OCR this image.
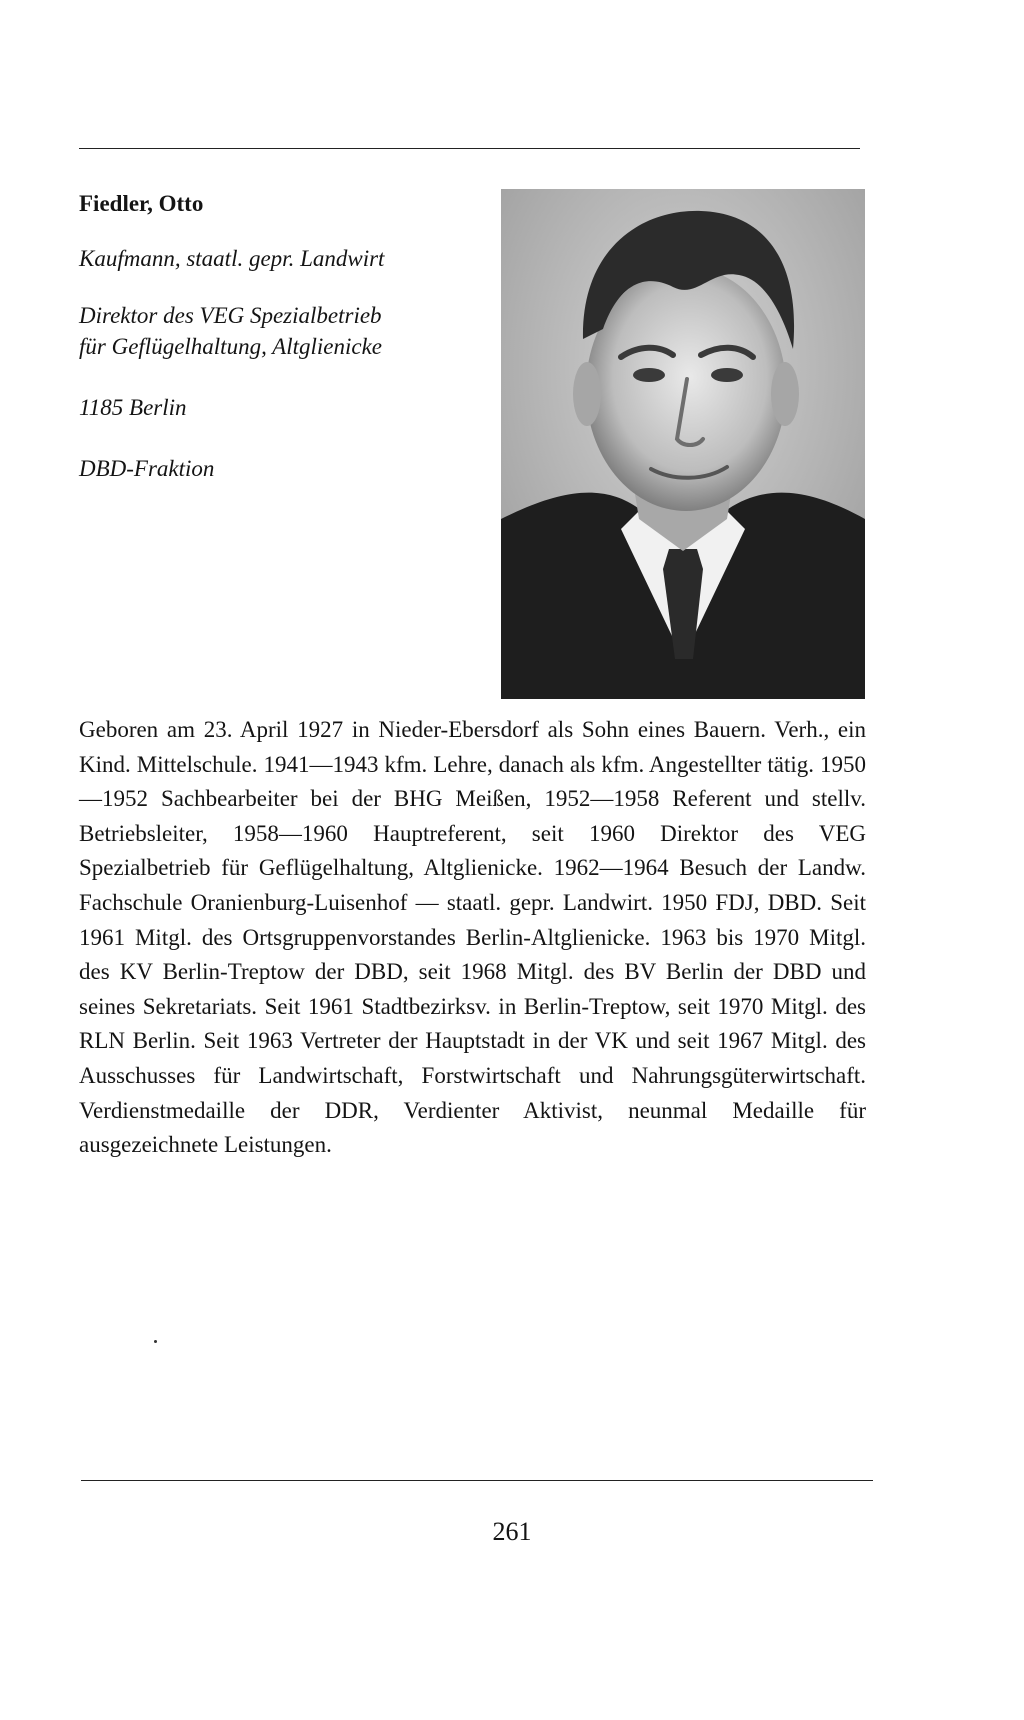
Fiedler, Otto

Kaufmann, staatl. gepr. Landwirt

Direktor des VEG Spezialbetrieb
für Geflügelhaltung, Altglienicke

1185 Berlin

DBD-Fraktion

Geboren am 23. April 1927 in Nieder-Ebersdorf als Sohn eines Bauern. Verh., ein Kind. Mittelschule. 1941—1943 kfm. Lehre, danach als kfm. Angestellter tätig. 1950—1952 Sachbearbeiter bei der BHG Meißen, 1952—1958 Referent und stellv. Betriebsleiter, 1958—1960 Hauptreferent, seit 1960 Direktor des VEG Spezialbetrieb für Geflügelhaltung, Altglienicke. 1962—1964 Besuch der Landw. Fachschule Oranienburg-Luisenhof — staatl. gepr. Landwirt. 1950 FDJ, DBD. Seit 1961 Mitgl. des Ortsgruppenvorstandes Berlin-Altglienicke. 1963 bis 1970 Mitgl. des KV Berlin-Treptow der DBD, seit 1968 Mitgl. des BV Berlin der DBD und seines Sekretariats. Seit 1961 Stadtbezirksv. in Berlin-Treptow, seit 1970 Mitgl. des RLN Berlin. Seit 1963 Vertreter der Hauptstadt in der VK und seit 1967 Mitgl. des Ausschusses für Landwirtschaft, Forstwirtschaft und Nahrungsgüterwirtschaft. Verdienstmedaille der DDR, Verdienter Aktivist, neunmal Medaille für ausgezeichnete Leistungen.

261
